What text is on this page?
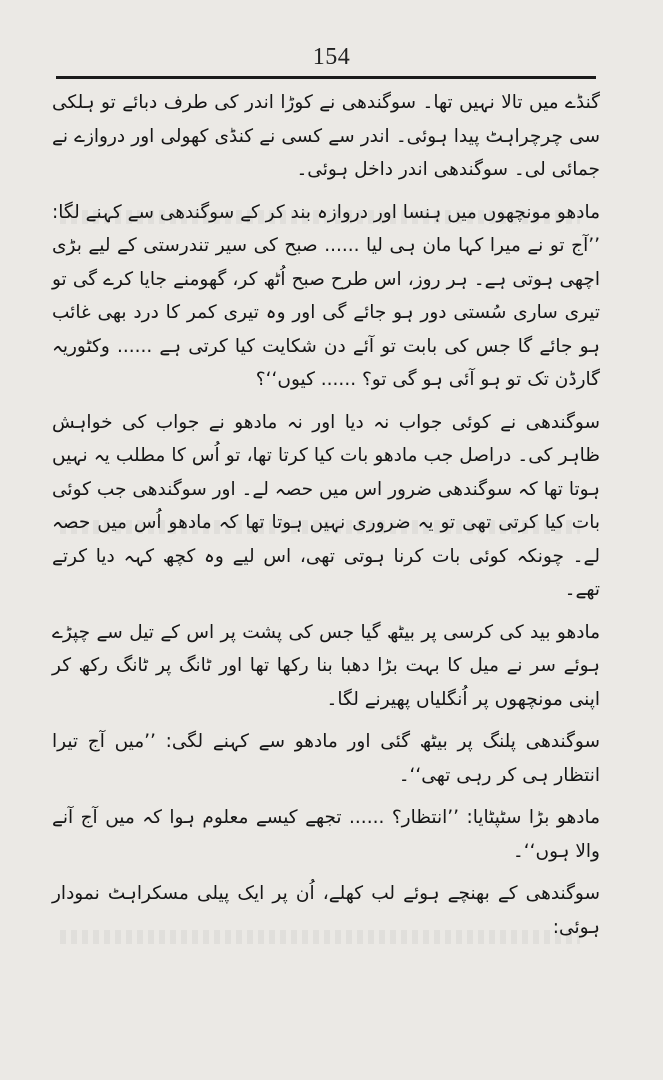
154

گنڈے میں تالا نہیں تھا۔ سوگندھی نے کوڑا اندر کی طرف دبائے تو ہلکی سی چرچراہٹ پیدا ہوئی۔ اندر سے کسی نے کنڈی کھولی اور دروازے نے جمائی لی۔ سوگندھی اندر داخل ہوئی۔

مادھو مونچھوں میں ہنسا اور دروازہ بند کر کے سوگندھی سے کہنے لگا: ’’آج تو نے میرا کہا مان ہی لیا ...... صبح کی سیر تندرستی کے لیے بڑی اچھی ہوتی ہے۔ ہر روز، اس طرح صبح اُٹھ کر، گھومنے جایا کرے گی تو تیری ساری سُستی دور ہو جائے گی اور وہ تیری کمر کا درد بھی غائب ہو جائے گا جس کی بابت تو آئے دن شکایت کیا کرتی ہے ...... وکٹوریہ گارڈن تک تو ہو آئی ہو گی تو؟ ...... کیوں‘‘؟

سوگندھی نے کوئی جواب نہ دیا اور نہ مادھو نے جواب کی خواہش ظاہر کی۔ دراصل جب مادھو بات کیا کرتا تھا، تو اُس کا مطلب یہ نہیں ہوتا تھا کہ سوگندھی ضرور اس میں حصہ لے۔ اور سوگندھی جب کوئی بات کیا کرتی تھی تو یہ ضروری نہیں ہوتا تھا کہ مادھو اُس میں حصہ لے۔ چونکہ کوئی بات کرنا ہوتی تھی، اس لیے وہ کچھ کہہ دیا کرتے تھے۔

مادھو بید کی کرسی پر بیٹھ گیا جس کی پشت پر اس کے تیل سے چپڑے ہوئے سر نے میل کا بہت بڑا دھبا بنا رکھا تھا اور ٹانگ پر ٹانگ رکھ کر اپنی مونچھوں پر اُنگلیاں پھیرنے لگا۔

سوگندھی پلنگ پر بیٹھ گئی اور مادھو سے کہنے لگی: ’’میں آج تیرا انتظار ہی کر رہی تھی‘‘۔

مادھو بڑا سٹپٹایا: ’’انتظار؟ ...... تجھے کیسے معلوم ہوا کہ میں آج آنے والا ہوں‘‘۔

سوگندھی کے بھنچے ہوئے لب کھلے، اُن پر ایک پیلی مسکراہٹ نمودار ہوئی:
